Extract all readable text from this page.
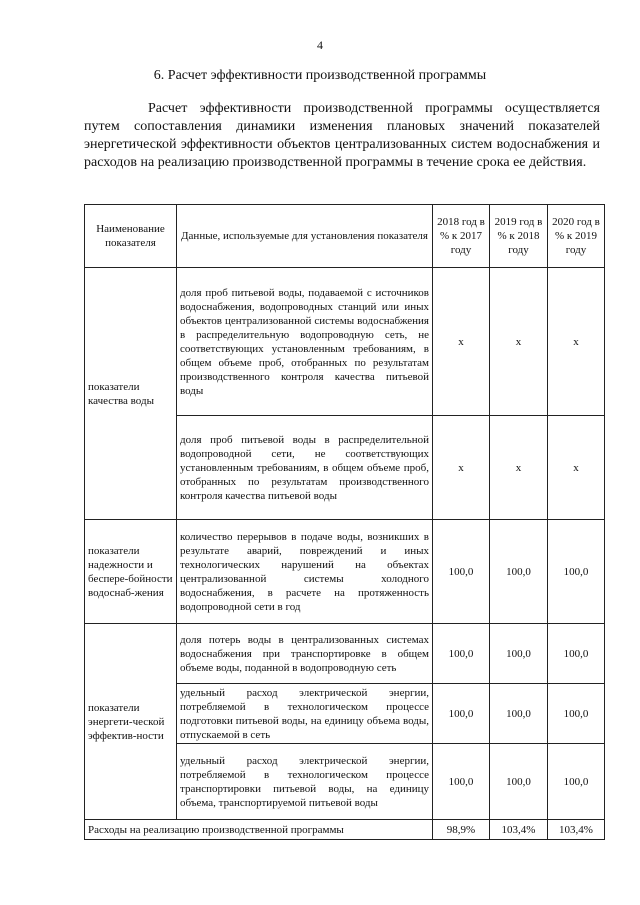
4
6. Расчет эффективности производственной программы

Расчет эффективности производственной программы осуществляется путем сопоставления динамики изменения плановых значений показателей энергетической эффективности объектов централизованных систем водоснабжения и расходов на реализацию производственной программы в течение срока ее действия.

Наименование показателя	Данные, используемые для установления показателя	2018 год в % к 2017 году	2019 год в % к 2018 году	2020 год в % к 2019 году
показатели качества воды	доля проб питьевой воды, подаваемой с источников водоснабжения, водопроводных станций или иных объектов централизованной системы водоснабжения в распределительную водопроводную сеть, не соответствующих установленным требованиям, в общем объеме проб, отобранных по результатам производственного контроля качества питьевой воды	х	х	х
	доля проб питьевой воды в распределительной водопроводной сети, не соответствующих установленным требованиям, в общем объеме проб, отобранных по результатам производственного контроля качества питьевой воды	х	х	х
показатели надежности и беспере-бойности водоснаб-жения	количество перерывов в подаче воды, возникших в результате аварий, повреждений и иных технологических нарушений на объектах централизованной системы холодного водоснабжения, в расчете на протяженность водопроводной сети в год	100,0	100,0	100,0
показатели энергети-ческой эффектив-ности	доля потерь воды в централизованных системах водоснабжения при транспортировке в общем объеме воды, поданной в водопроводную сеть	100,0	100,0	100,0
	удельный расход электрической энергии, потребляемой в технологическом процессе подготовки питьевой воды, на единицу объема воды, отпускаемой в сеть	100,0	100,0	100,0
	удельный расход электрической энергии, потребляемой в технологическом процессе транспортировки питьевой воды, на единицу объема, транспортируемой питьевой воды	100,0	100,0	100,0
Расходы на реализацию производственной программы		98,9%	103,4%	103,4%
